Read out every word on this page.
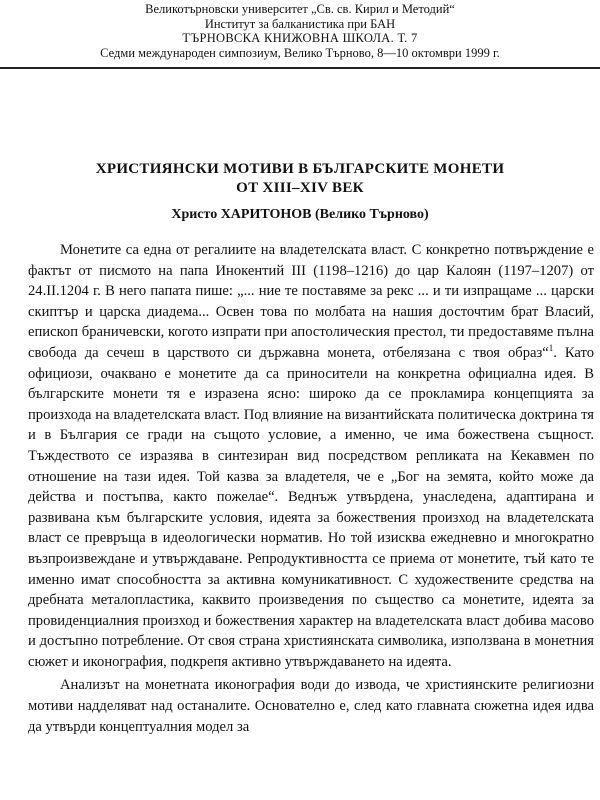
Великотърновски университет „Св. св. Кирил и Методий“
Институт за балканистика при БАН
ТЪРНОВСКА КНИЖОВНА ШКОЛА. Т. 7
Седми международен симпозиум, Велико Търново, 8—10 октомври 1999 г.
ХРИСТИЯНСКИ МОТИВИ В БЪЛГАРСКИТЕ МОНЕТИ
ОТ XIII–XIV ВЕК
Христо ХАРИТОНОВ (Велико Търново)

Монетите са една от регалиите на владетелската власт. С конкретно потвърждение е фактът от писмото на папа Инокентий III (1198–1216) до цар Калоян (1197–1207) от 24.II.1204 г. В него папата пише: „... ние те поставяме за рекс ... и ти изпращаме ... царски скиптър и царска диадема... Освен това по молбата на нашия досточтим брат Власий, епископ браничевски, когото изпрати при апостолическия престол, ти предоставяме пълна свобода да сечеш в царството си държавна монета, отбелязана с твоя образ“$^1$. Като официози, очаквано е монетите да са приносители на конкретна официална идея. В българските монети тя е изразена ясно: широко да се прокламира концепцията за произхода на владетелската власт. Под влияние на византийската политическа доктрина тя и в България се гради на същото условие, а именно, че има божествена същност. Тъждеството се изразява в синтезиран вид посредством репликата на Кекавмен по отношение на тази идея. Той казва за владетеля, че е „Бог на земята, който може да действа и постъпва, както пожелае“. Веднъж утвърдена, унаследена, адаптирана и развивана към българските условия, идеята за божествения произход на владетелската власт се превръща в идеологически норматив. Но той изисква ежедневно и многократно възпроизвеждане и утвърждаване. Репродуктивността се приема от монетите, тъй като те именно имат способността за активна комуникативност. С художествените средства на дребната металопластика, каквито произведения по същество са монетите, идеята за провиденциалния произход и божествения характер на владетелската власт добива масово и достъпно потребление. От своя страна християнската символика, използвана в монетния сюжет и иконография, подкрепя активно утвърждаването на идеята.

Анализът на монетната иконография води до извода, че християнските религиозни мотиви надделяват над останалите. Основателно е, след като главната сюжетна идея идва да утвърди концептуалния модел за
